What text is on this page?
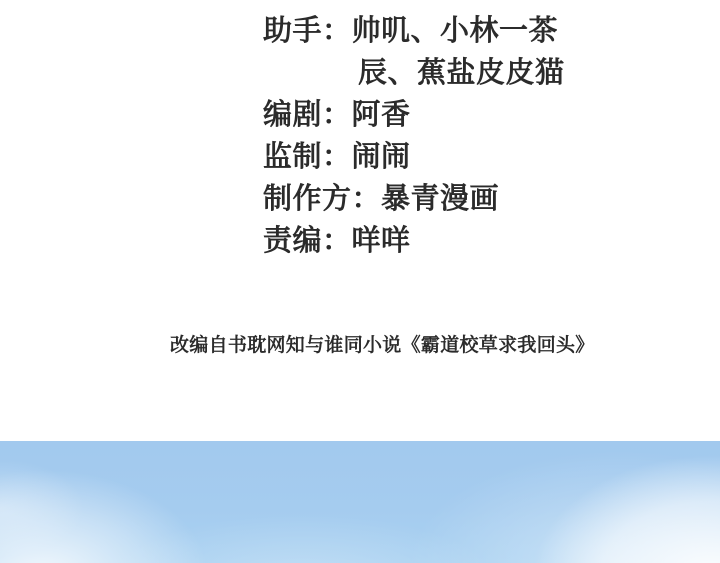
助手：帅叽、小林一茶
辰、蕉盐皮皮猫
编剧：阿香
监制：闹闹
制作方：暴青漫画
责编：咩咩
改编自书耽网知与谁同小说《霸道校草求我回头》
